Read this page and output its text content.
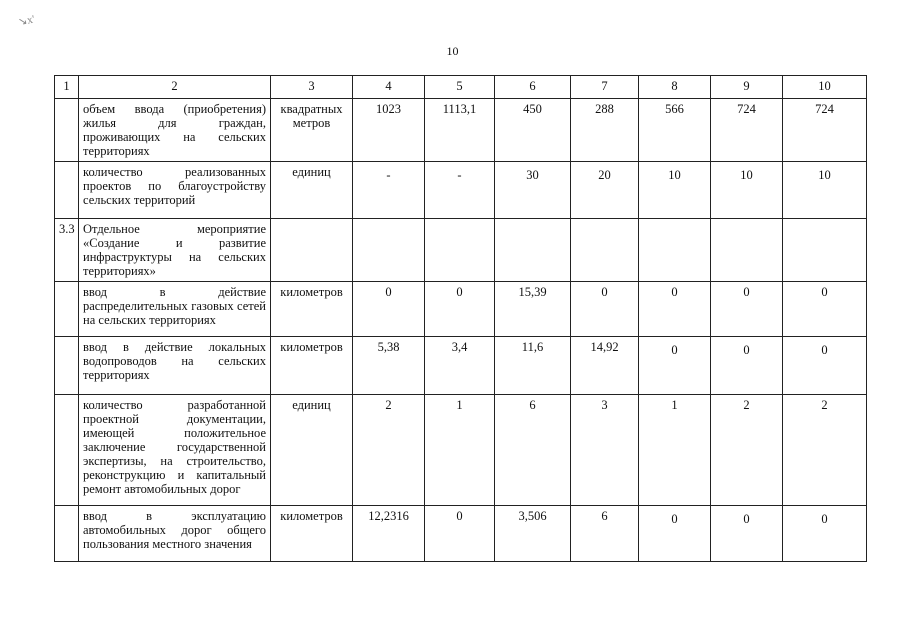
↘x'
10
1	2	3	4	5	6	7	8	9	10
	объем ввода (приобретения) жилья для граждан, проживающих на сельских территориях	квадратных метров	1023	1113,1	450	288	566	724	724
	количество реализованных проектов по благоустройству сельских территорий	единиц	-	-	30	20	10	10	10
3.3	Отдельное мероприятие «Создание и развитие инфраструктуры на сельских территориях»								
	ввод в действие распределительных газовых сетей на сельских территориях	километров	0	0	15,39	0	0	0	0
	ввод в действие локальных водопроводов на сельских территориях	километров	5,38	3,4	11,6	14,92	0	0	0
	количество разработанной проектной документации, имеющей положительное заключение государственной экспертизы, на строительство, реконструкцию и капитальный ремонт автомобильных дорог	единиц	2	1	6	3	1	2	2
	ввод в эксплуатацию автомобильных дорог общего пользования местного значения	километров	12,2316	0	3,506	6	0	0	0
